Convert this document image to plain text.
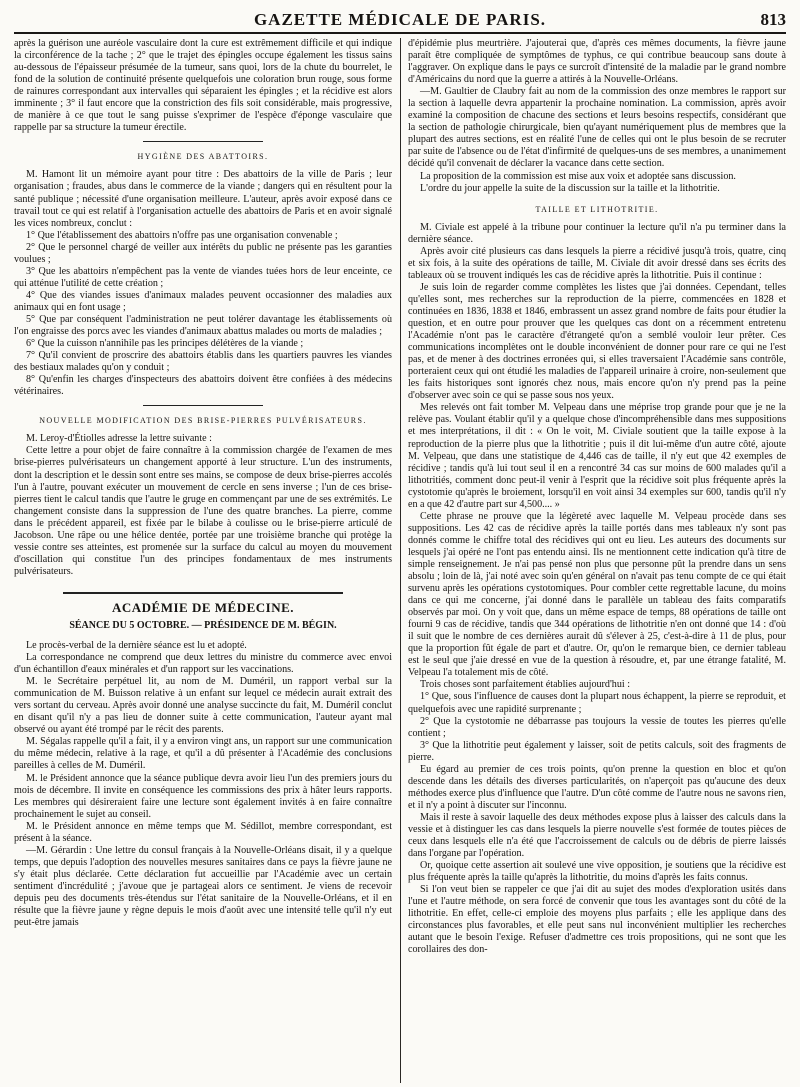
GAZETTE MÉDICALE DE PARIS.	813

après la guérison une auréole vasculaire dont la cure est extrêmement difficile et qui indique la circonférence de la tache ; 2° que le trajet des épingles occupe également les tissus sains au-dessous de l'épaisseur présumée de la tumeur, sans quoi, lors de la chute du bourrelet, le fond de la solution de continuité présente quelquefois une coloration brun rouge, sous forme de rainures correspondant aux intervalles qui séparaient les épingles ; et la récidive est alors imminente ; 3° il faut encore que la constriction des fils soit considérable, mais progressive, de manière à ce que tout le sang puisse s'exprimer de l'espèce d'éponge vasculaire que rappelle par sa structure la tumeur érectile.

HYGIÈNE DES ABATTOIRS.

M. Hamont lit un mémoire ayant pour titre : Des abattoirs de la ville de Paris ; leur organisation ; fraudes, abus dans le commerce de la viande ; dangers qui en résultent pour la santé publique ; nécessité d'une organisation meilleure. L'auteur, après avoir exposé dans ce travail tout ce qui est relatif à l'organisation actuelle des abattoirs de Paris et en avoir signalé les vices nombreux, conclut :

1° Que l'établissement des abattoirs n'offre pas une organisation convenable ;

2° Que le personnel chargé de veiller aux intérêts du public ne présente pas les garanties voulues ;

3° Que les abattoirs n'empêchent pas la vente de viandes tuées hors de leur enceinte, ce qui atténue l'utilité de cette création ;

4° Que des viandes issues d'animaux malades peuvent occasionner des maladies aux animaux qui en font usage ;

5° Que par conséquent l'administration ne peut tolérer davantage les établissements où l'on engraisse des porcs avec les viandes d'animaux abattus malades ou morts de maladies ;

6° Que la cuisson n'annihile pas les principes délétères de la viande ;

7° Qu'il convient de proscrire des abattoirs établis dans les quartiers pauvres les viandes des bestiaux malades qu'on y conduit ;

8° Qu'enfin les charges d'inspecteurs des abattoirs doivent être confiées à des médecins vétérinaires.

NOUVELLE MODIFICATION DES BRISE-PIERRES PULVÉRISATEURS.

M. Leroy-d'Étiolles adresse la lettre suivante :

Cette lettre a pour objet de faire connaître à la commission chargée de l'examen de mes brise-pierres pulvérisateurs un changement apporté à leur structure. L'un des instruments, dont la description et le dessin sont entre ses mains, se compose de deux brise-pierres accolés l'un à l'autre, pouvant exécuter un mouvement de cercle en sens inverse ; l'un de ces brise-pierres tient le calcul tandis que l'autre le gruge en commençant par une de ses extrémités. Le changement consiste dans la suppression de l'une des quatre branches. La pierre, comme dans le précédent appareil, est fixée par le bilabe à coulisse ou le brise-pierre articulé de Jacobson. Une râpe ou une hélice dentée, portée par une troisième branche qui protège la vessie contre ses atteintes, est promenée sur la surface du calcul au moyen du mouvement d'oscillation qui constitue l'un des principes fondamentaux de mes instruments pulvérisateurs.

ACADÉMIE DE MÉDECINE.
SÉANCE DU 5 OCTOBRE. — PRÉSIDENCE DE M. BÉGIN.

Le procès-verbal de la dernière séance est lu et adopté.

La correspondance ne comprend que deux lettres du ministre du commerce avec envoi d'un échantillon d'eaux minérales et d'un rapport sur les vaccinations.

M. le Secrétaire perpétuel lit, au nom de M. Duméril, un rapport verbal sur la communication de M. Buisson relative à un enfant sur lequel ce médecin aurait extrait des vers sortant du cerveau. Après avoir donné une analyse succincte du fait, M. Duméril conclut en disant qu'il n'y a pas lieu de donner suite à cette communication, l'auteur ayant mal observé ou ayant été trompé par le récit des parents.

M. Ségalas rappelle qu'il a fait, il y a environ vingt ans, un rapport sur une communication du même médecin, relative à la rage, et qu'il a dû présenter à l'Académie des conclusions pareilles à celles de M. Duméril.

M. le Président annonce que la séance publique devra avoir lieu l'un des premiers jours du mois de décembre. Il invite en conséquence les commissions des prix à hâter leurs rapports. Les membres qui désireraient faire une lecture sont également invités à en faire connaître prochainement le sujet au conseil.

M. le Président annonce en même temps que M. Sédillot, membre correspondant, est présent à la séance.

—M. Gérardin : Une lettre du consul français à la Nouvelle-Orléans disait, il y a quelque temps, que depuis l'adoption des nouvelles mesures sanitaires dans ce pays la fièvre jaune ne s'y était plus déclarée. Cette déclaration fut accueillie par l'Académie avec un certain sentiment d'incrédulité ; j'avoue que je partageai alors ce sentiment. Je viens de recevoir depuis peu des documents très-étendus sur l'état sanitaire de la Nouvelle-Orléans, et il en résulte que la fièvre jaune y règne depuis le mois d'août avec une intensité telle qu'il n'y eut peut-être jamais

d'épidémie plus meurtrière. J'ajouterai que, d'après ces mêmes documents, la fièvre jaune paraît être compliquée de symptômes de typhus, ce qui contribue beaucoup sans doute à l'aggraver. On explique dans le pays ce surcroît d'intensité de la maladie par le grand nombre d'Américains du nord que la guerre a attirés à la Nouvelle-Orléans.

—M. Gaultier de Claubry fait au nom de la commission des onze membres le rapport sur la section à laquelle devra appartenir la prochaine nomination. La commission, après avoir examiné la composition de chacune des sections et leurs besoins respectifs, considérant que la section de pathologie chirurgicale, bien qu'ayant numériquement plus de membres que la plupart des autres sections, est en réalité l'une de celles qui ont le plus besoin de se recruter par suite de l'absence ou de l'état d'infirmité de quelques-uns de ses membres, a unanimement décidé qu'il convenait de déclarer la vacance dans cette section.

La proposition de la commission est mise aux voix et adoptée sans discussion.

L'ordre du jour appelle la suite de la discussion sur la taille et la lithotritie.

TAILLE ET LITHOTRITIE.

M. Civiale est appelé à la tribune pour continuer la lecture qu'il n'a pu terminer dans la dernière séance.

Après avoir cité plusieurs cas dans lesquels la pierre a récidivé jusqu'à trois, quatre, cinq et six fois, à la suite des opérations de taille, M. Civiale dit avoir dressé dans ses écrits des tableaux où se trouvent indiqués les cas de récidive après la lithotritie. Puis il continue :

Je suis loin de regarder comme complètes les listes que j'ai données. Cependant, telles qu'elles sont, mes recherches sur la reproduction de la pierre, commencées en 1828 et continuées en 1836, 1838 et 1846, embrassent un assez grand nombre de faits pour étudier la question, et en outre pour prouver que les quelques cas dont on a récemment entretenu l'Académie n'ont pas le caractère d'étrangeté qu'on a semblé vouloir leur prêter. Ces communications incomplètes ont le double inconvénient de donner pour rare ce qui ne l'est pas, et de mener à des doctrines erronées qui, si elles traversaient l'Académie sans contrôle, porteraient ceux qui ont étudié les maladies de l'appareil urinaire à croire, non-seulement que les faits historiques sont ignorés chez nous, mais encore qu'on n'y prend pas la peine d'observer avec soin ce qui se passe sous nos yeux.

Mes relevés ont fait tomber M. Velpeau dans une méprise trop grande pour que je ne la relève pas. Voulant établir qu'il y a quelque chose d'incompréhensible dans mes suppositions et mes interprétations, il dit : « On le voit, M. Civiale soutient que la taille expose à la reproduction de la pierre plus que la lithotritie ; puis il dit lui-même d'un autre côté, ajoute M. Velpeau, que dans une statistique de 4,446 cas de taille, il n'y eut que 42 exemples de récidive ; tandis qu'à lui tout seul il en a rencontré 34 cas sur moins de 600 malades qu'il a lithotritiés, comment donc peut-il venir à l'esprit que la récidive soit plus fréquente après la cystotomie qu'après le broiement, lorsqu'il en voit ainsi 34 exemples sur 600, tandis qu'il n'y en a que 42 d'autre part sur 4,500.... »

Cette phrase ne prouve que la légèreté avec laquelle M. Velpeau procède dans ses suppositions. Les 42 cas de récidive après la taille portés dans mes tableaux n'y sont pas donnés comme le chiffre total des récidives qui ont eu lieu. Les auteurs des documents sur lesquels j'ai opéré ne l'ont pas entendu ainsi. Ils ne mentionnent cette indication qu'à titre de simple renseignement. Je n'ai pas pensé non plus que personne pût la prendre dans un sens absolu ; loin de là, j'ai noté avec soin qu'en général on n'avait pas tenu compte de ce qui était survenu après les opérations cystotomiques. Pour combler cette regrettable lacune, du moins dans ce qui me concerne, j'ai donné dans le parallèle un tableau des faits comparatifs observés par moi. On y voit que, dans un même espace de temps, 88 opérations de taille ont fourni 9 cas de récidive, tandis que 344 opérations de lithotritie n'en ont donné que 14 : d'où il suit que le nombre de ces dernières aurait dû s'élever à 25, c'est-à-dire à 11 de plus, pour que la proportion fût égale de part et d'autre. Or, qu'on le remarque bien, ce dernier tableau est le seul que j'aie dressé en vue de la question à résoudre, et, par une étrange fatalité, M. Velpeau l'a totalement mis de côté.

Trois choses sont parfaitement établies aujourd'hui :

1° Que, sous l'influence de causes dont la plupart nous échappent, la pierre se reproduit, et quelquefois avec une rapidité surprenante ;

2° Que la cystotomie ne débarrasse pas toujours la vessie de toutes les pierres qu'elle contient ;

3° Que la lithotritie peut également y laisser, soit de petits calculs, soit des fragments de pierre.

Eu égard au premier de ces trois points, qu'on prenne la question en bloc et qu'on descende dans les détails des diverses particularités, on n'aperçoit pas qu'aucune des deux méthodes exerce plus d'influence que l'autre. D'un côté comme de l'autre nous ne savons rien, et il n'y a point à discuter sur l'inconnu.

Mais il reste à savoir laquelle des deux méthodes expose plus à laisser des calculs dans la vessie et à distinguer les cas dans lesquels la pierre nouvelle s'est formée de toutes pièces de ceux dans lesquels elle n'a été que l'accroissement de calculs ou de débris de pierre laissés dans l'organe par l'opération.

Or, quoique cette assertion ait soulevé une vive opposition, je soutiens que la récidive est plus fréquente après la taille qu'après la lithotritie, du moins d'après les faits connus.

Si l'on veut bien se rappeler ce que j'ai dit au sujet des modes d'exploration usités dans l'une et l'autre méthode, on sera forcé de convenir que tous les avantages sont du côté de la lithotritie. En effet, celle-ci emploie des moyens plus parfaits ; elle les applique dans des circonstances plus favorables, et elle peut sans nul inconvénient multiplier les recherches autant que le besoin l'exige. Refuser d'admettre ces trois propositions, qui ne sont que les corollaires des don-
